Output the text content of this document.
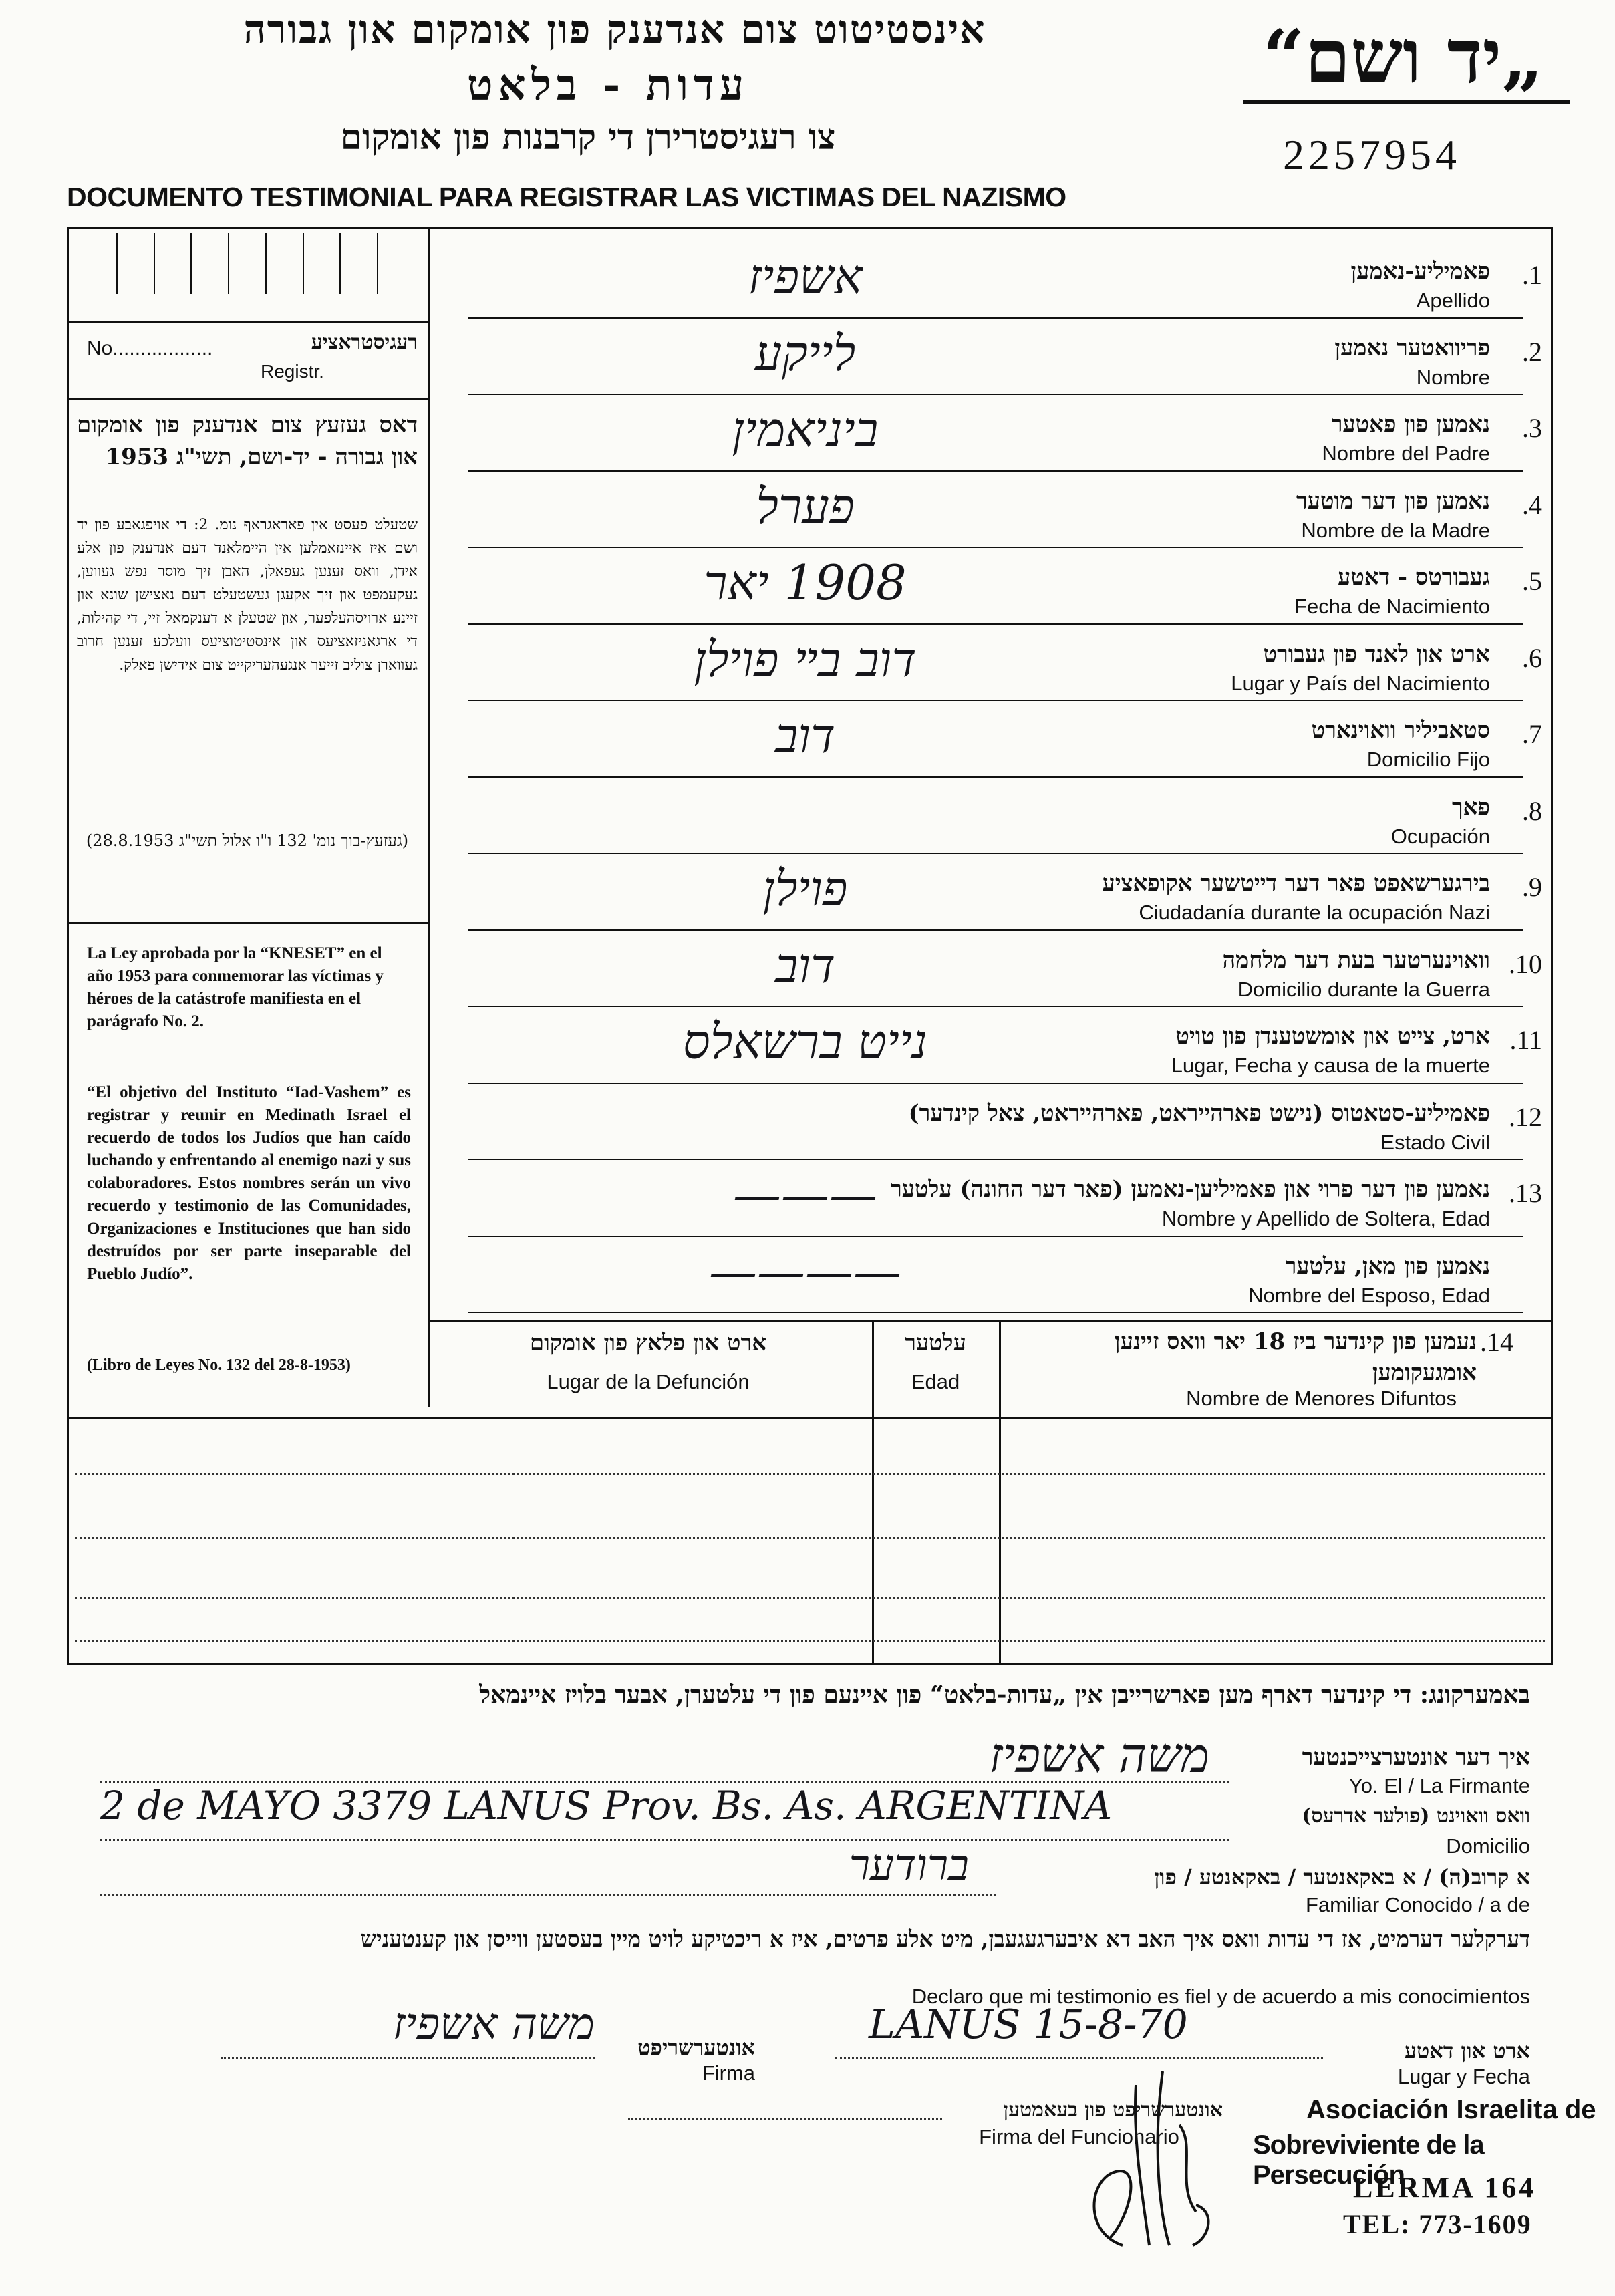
אינסטיטוט צום אנדענק פון אומקום און גבורה
עדות - בלאט
צו רעגיסטרירן די קרבנות פון אומקום
DOCUMENTO TESTIMONIAL PARA REGISTRAR LAS VICTIMAS DEL NAZISMO
„יד ושם“
2257954
No..................
Registr.
רעגיסטראציע
דאס געזעץ צום אנדענק פון אומקום און גבורה - יד-ושם, תשי"ג 1953
שטעלט פעסט אין פאראגראף נומ. 2: די אויפגאבע פון יד ושם איז איינזאמלען אין היימלאנד דעם אנדענק פון אלע אידן, וואס זענען געפאלן, האבן זיך מוסר נפש געווען, געקעמפט און זיך אקעגן געשטעלט דעם נאצישן שונא און זיינע ארויסהעלפער, און שטעלן א דענקמאל זיי, די קהילות, די ארגאניזאציעס און אינסטיטוציעס וועלכע זענען חרוב געווארן צוליב זייער אנגעהעריקייט צום אידישן פאלק.
(געזעץ-בוך נומ' 132 ו"ו אלול תשי"ג 28.8.1953)
La Ley aprobada por la “KNESET” en el año 1953 para conmemorar las víctimas y héroes de la catástrofe manifiesta en el parágrafo No. 2.
“El objetivo del Instituto “Iad-Vashem” es registrar y reunir en Medinath Israel el recuerdo de todos los Judíos que han caído luchando y enfrentando al enemigo nazi y sus colaboradores. Estos nombres serán un vivo recuerdo y testimonio de las Comunidades, Organizaciones e Instituciones que han sido destruídos por ser parte inseparable del Pueblo Judío”.
(Libro de Leyes No. 132 del 28-8-1953)
.1
פאמיליע-נאמען
Apellido
אשפיז
.2
פריוואטער נאמען
Nombre
לייקע
.3
נאמען פון פאטער
Nombre del Padre
ביניאמין
.4
נאמען פון דער מוטער
Nombre de la Madre
פערל
.5
געבורטס - דאטע
Fecha de Nacimiento
1908 יאר
.6
ארט און לאנד פון געבורט
Lugar y País del Nacimiento
דוב בײ פוילן
.7
סטאביליר וואוינארט
Domicilio Fijo
דוב
.8
פאך
Ocupación
.9
בירגערשאפט פאר דער דייטשער אקופאציע
Ciudadanía durante la ocupación Nazi
פוילן
.10
וואוינערטער בעת דער מלחמה
Domicilio durante la Guerra
דוב
.11
ארט, צייט און אומשטענדן פון טויט
Lugar, Fecha y causa de la muerte
נייט ברשאלס
.12
פאמיליע-סטאטוס (נישט פארהייראט, פארהייראט, צאל קינדער)
Estado Civil
.13
נאמען פון דער פרוי און פאמיליען-נאמען (פאר דער החונה) עלטער
Nombre y Apellido de Soltera, Edad
———
נאמען פון מאן, עלטער
Nombre del Esposo, Edad
————
.14
נעמען פון קינדער ביז 18 יאר וואס זיינען אומגעקומען
Nombre de Menores Difuntos
עלטער
Edad
ארט און פלאץ פון אומקום
Lugar de la Defunción
באמערקונג: די קינדער דארף מען פארשרייבן אין „עדות-בלאט“ פון איינעם פון די עלטערן, אבער בלויז איינמאל
איך דער אונטערצייכנטער
Yo. El / La Firmante
משה אשפיז
וואס וואוינט (פולער אדרעס)
Domicilio
2 de MAYO 3379 LANUS Prov. Bs. As. ARGENTINA
א קרוב(ה) / א באקאנטער / באקאנטע / פון
Familiar Conocido / a de
ברודער
דערקלער דערמיט, אז די עדות וואס איך האב דא איבערגעגעבן, מיט אלע פרטים, איז א ריכטיקע לויט מיין בעסטען ווייסן און קענטעניש
Declaro que mi testimonio es fiel y de acuerdo a mis conocimientos
אונטערשריפט
Firma
משה אשפיז
ארט און דאטע
Lugar y Fecha
LANUS 15-8-70
אונטערשריפט פון בעאמטען
Firma del Funcionario
Asociación Israelita de
Sobreviviente de la Persecución
LERMA 164
TEL: 773-1609
